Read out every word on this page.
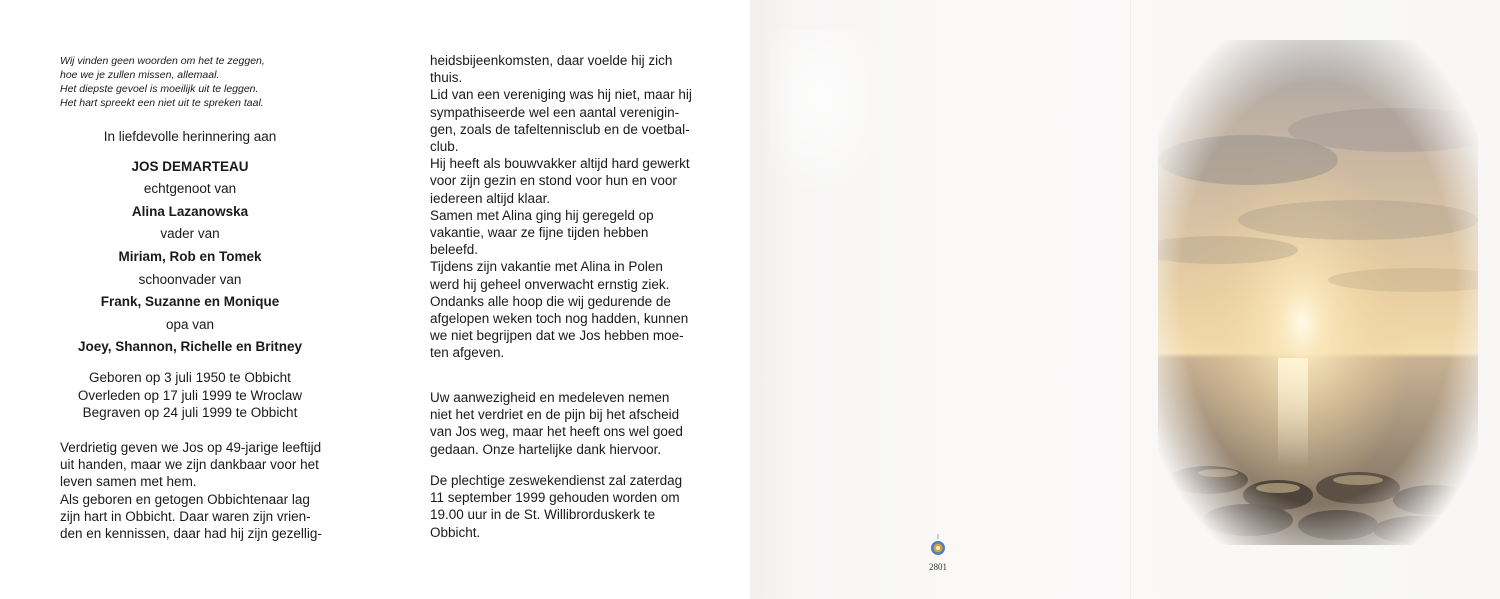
Wij vinden geen woorden om het te zeggen,
hoe we je zullen missen, allemaal.
Het diepste gevoel is moeilijk uit te leggen.
Het hart spreekt een niet uit te spreken taal.
In liefdevolle herinnering aan
JOS DEMARTEAU
echtgenoot van
Alina Lazanowska
vader van
Miriam, Rob en Tomek
schoonvader van
Frank, Suzanne en Monique
opa van
Joey, Shannon, Richelle en Britney
Geboren op 3 juli 1950 te Obbicht
Overleden op 17 juli 1999 te Wroclaw
Begraven op 24 juli 1999 te Obbicht
Verdrietig geven we Jos op 49-jarige leeftijd
uit handen, maar we zijn dankbaar voor het
leven samen met hem.
Als geboren en getogen Obbichtenaar lag
zijn hart in Obbicht. Daar waren zijn vrien-
den en kennissen, daar had hij zijn gezellig-
heidsbijeenkomsten, daar voelde hij zich
thuis.
Lid van een vereniging was hij niet, maar hij
sympathiseerde wel een aantal verenigin-
gen, zoals de tafeltennisclub en de voetbal-
club.
Hij heeft als bouwvakker altijd hard gewerkt
voor zijn gezin en stond voor hun en voor
iedereen altijd klaar.
Samen met Alina ging hij geregeld op
vakantie, waar ze fijne tijden hebben
beleefd.
Tijdens zijn vakantie met Alina in Polen
werd hij geheel onverwacht ernstig ziek.
Ondanks alle hoop die wij gedurende de
afgelopen weken toch nog hadden, kunnen
we niet begrijpen dat we Jos hebben moe-
ten afgeven.
Uw aanwezigheid en medeleven nemen
niet het verdriet en de pijn bij het afscheid
van Jos weg, maar het heeft ons wel goed
gedaan. Onze hartelijke dank hiervoor.
De plechtige zeswekendienst zal zaterdag
11 september 1999 gehouden worden om
19.00 uur in de St. Willibrorduskerk te
Obbicht.
2801
